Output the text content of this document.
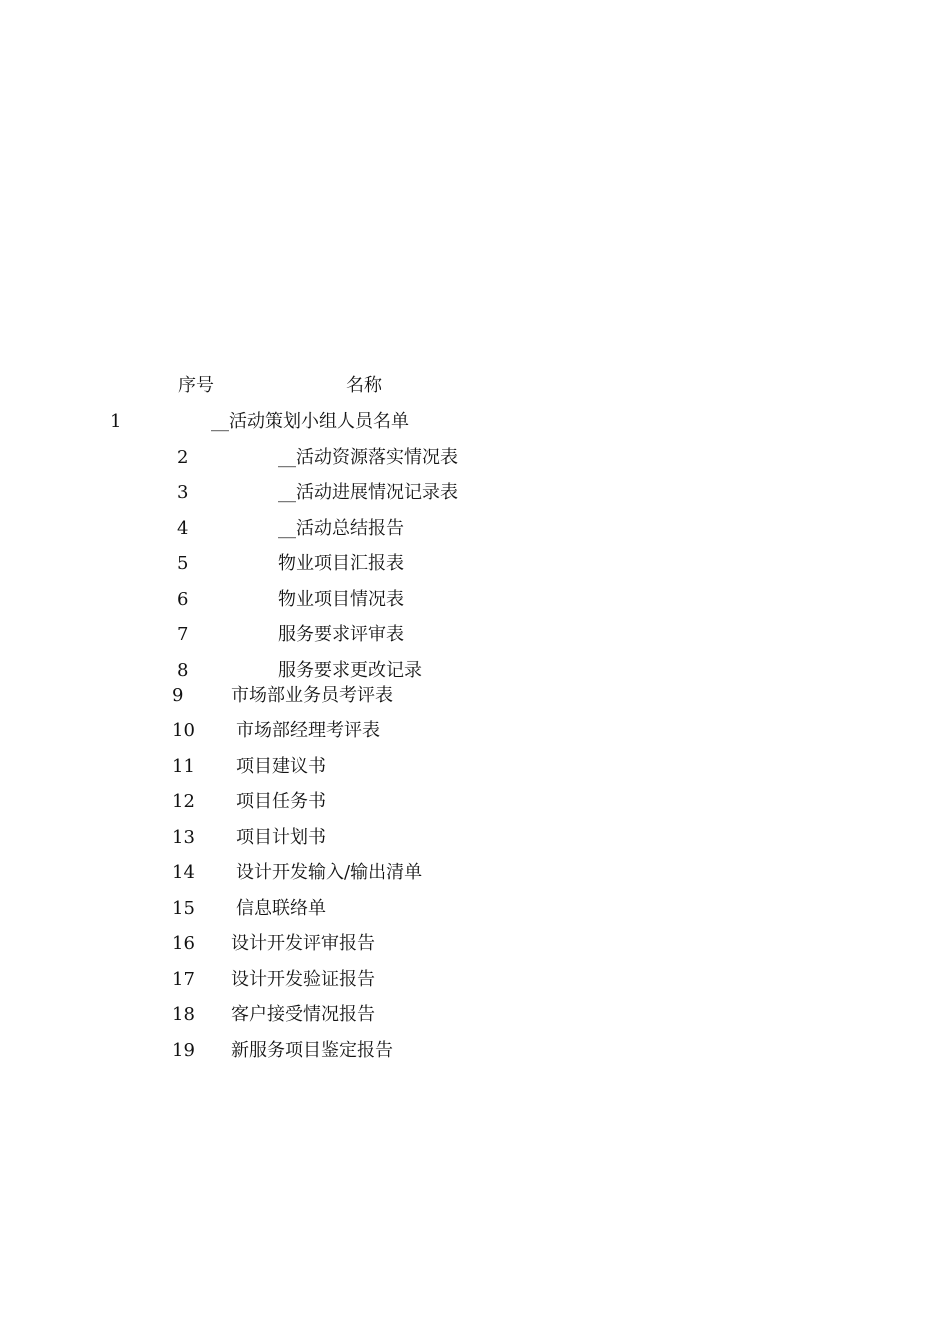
序号	名称
1	__活动策划小组人员名单
2	__活动资源落实情况表
3	__活动进展情况记录表
4	__活动总结报告
5	物业项目汇报表
6	物业项目情况表
7	服务要求评审表
8	服务要求更改记录
9	市场部业务员考评表
10 市场部经理考评表
11 项目建议书
12 项目任务书
13 项目计划书
14 设计开发输入/输出清单
15 信息联络单
16 设计开发评审报告
17 设计开发验证报告
18 客户接受情况报告
19 新服务项目鉴定报告
